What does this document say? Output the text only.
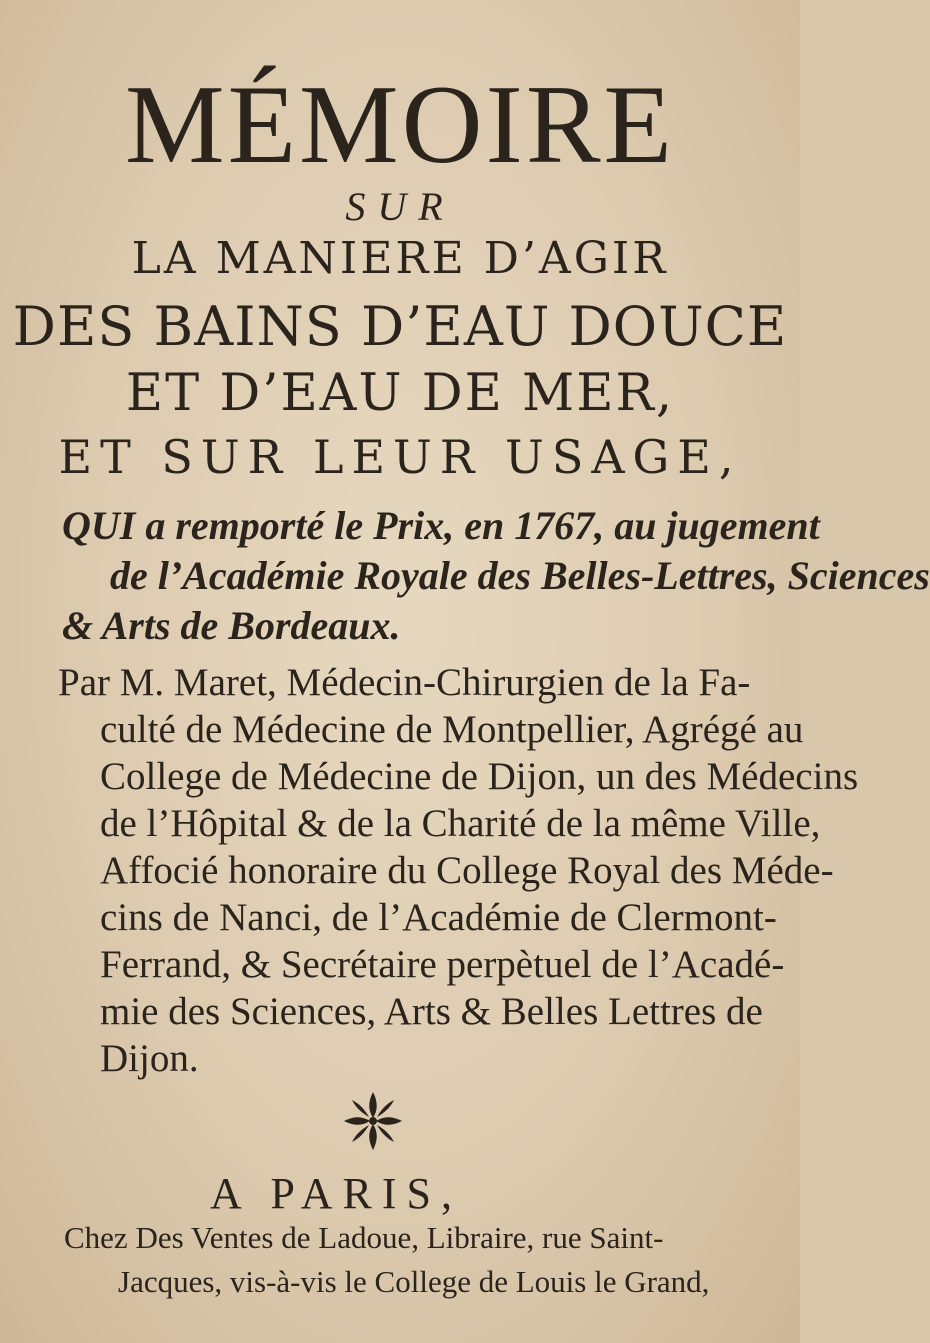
MÉMOIRE
SUR
LA MANIERE D’AGIR
DES BAINS D’EAU DOUCE
ET D’EAU DE MER,
ET SUR LEUR USAGE,
QUI a remporté le Prix, en 1767, au jugement
de l’Académie Royale des Belles-Lettres, Sciences
& Arts de Bordeaux.
Par M. Maret, Médecin-Chirurgien de la Fa-
culté de Médecine de Montpellier, Agrégé au
College de Médecine de Dijon, un des Médecins
de l’Hôpital & de la Charité de la même Ville,
Affocié honoraire du College Royal des Méde-
cins de Nanci, de l’Académie de Clermont-
Ferrand, & Secrétaire perpètuel de l’Acadé-
mie des Sciences, Arts & Belles Lettres de
Dijon.
A PARIS,
Chez Des Ventes de Ladoue, Libraire, rue Saint-
Jacques, vis-à-vis le College de Louis le Grand,
